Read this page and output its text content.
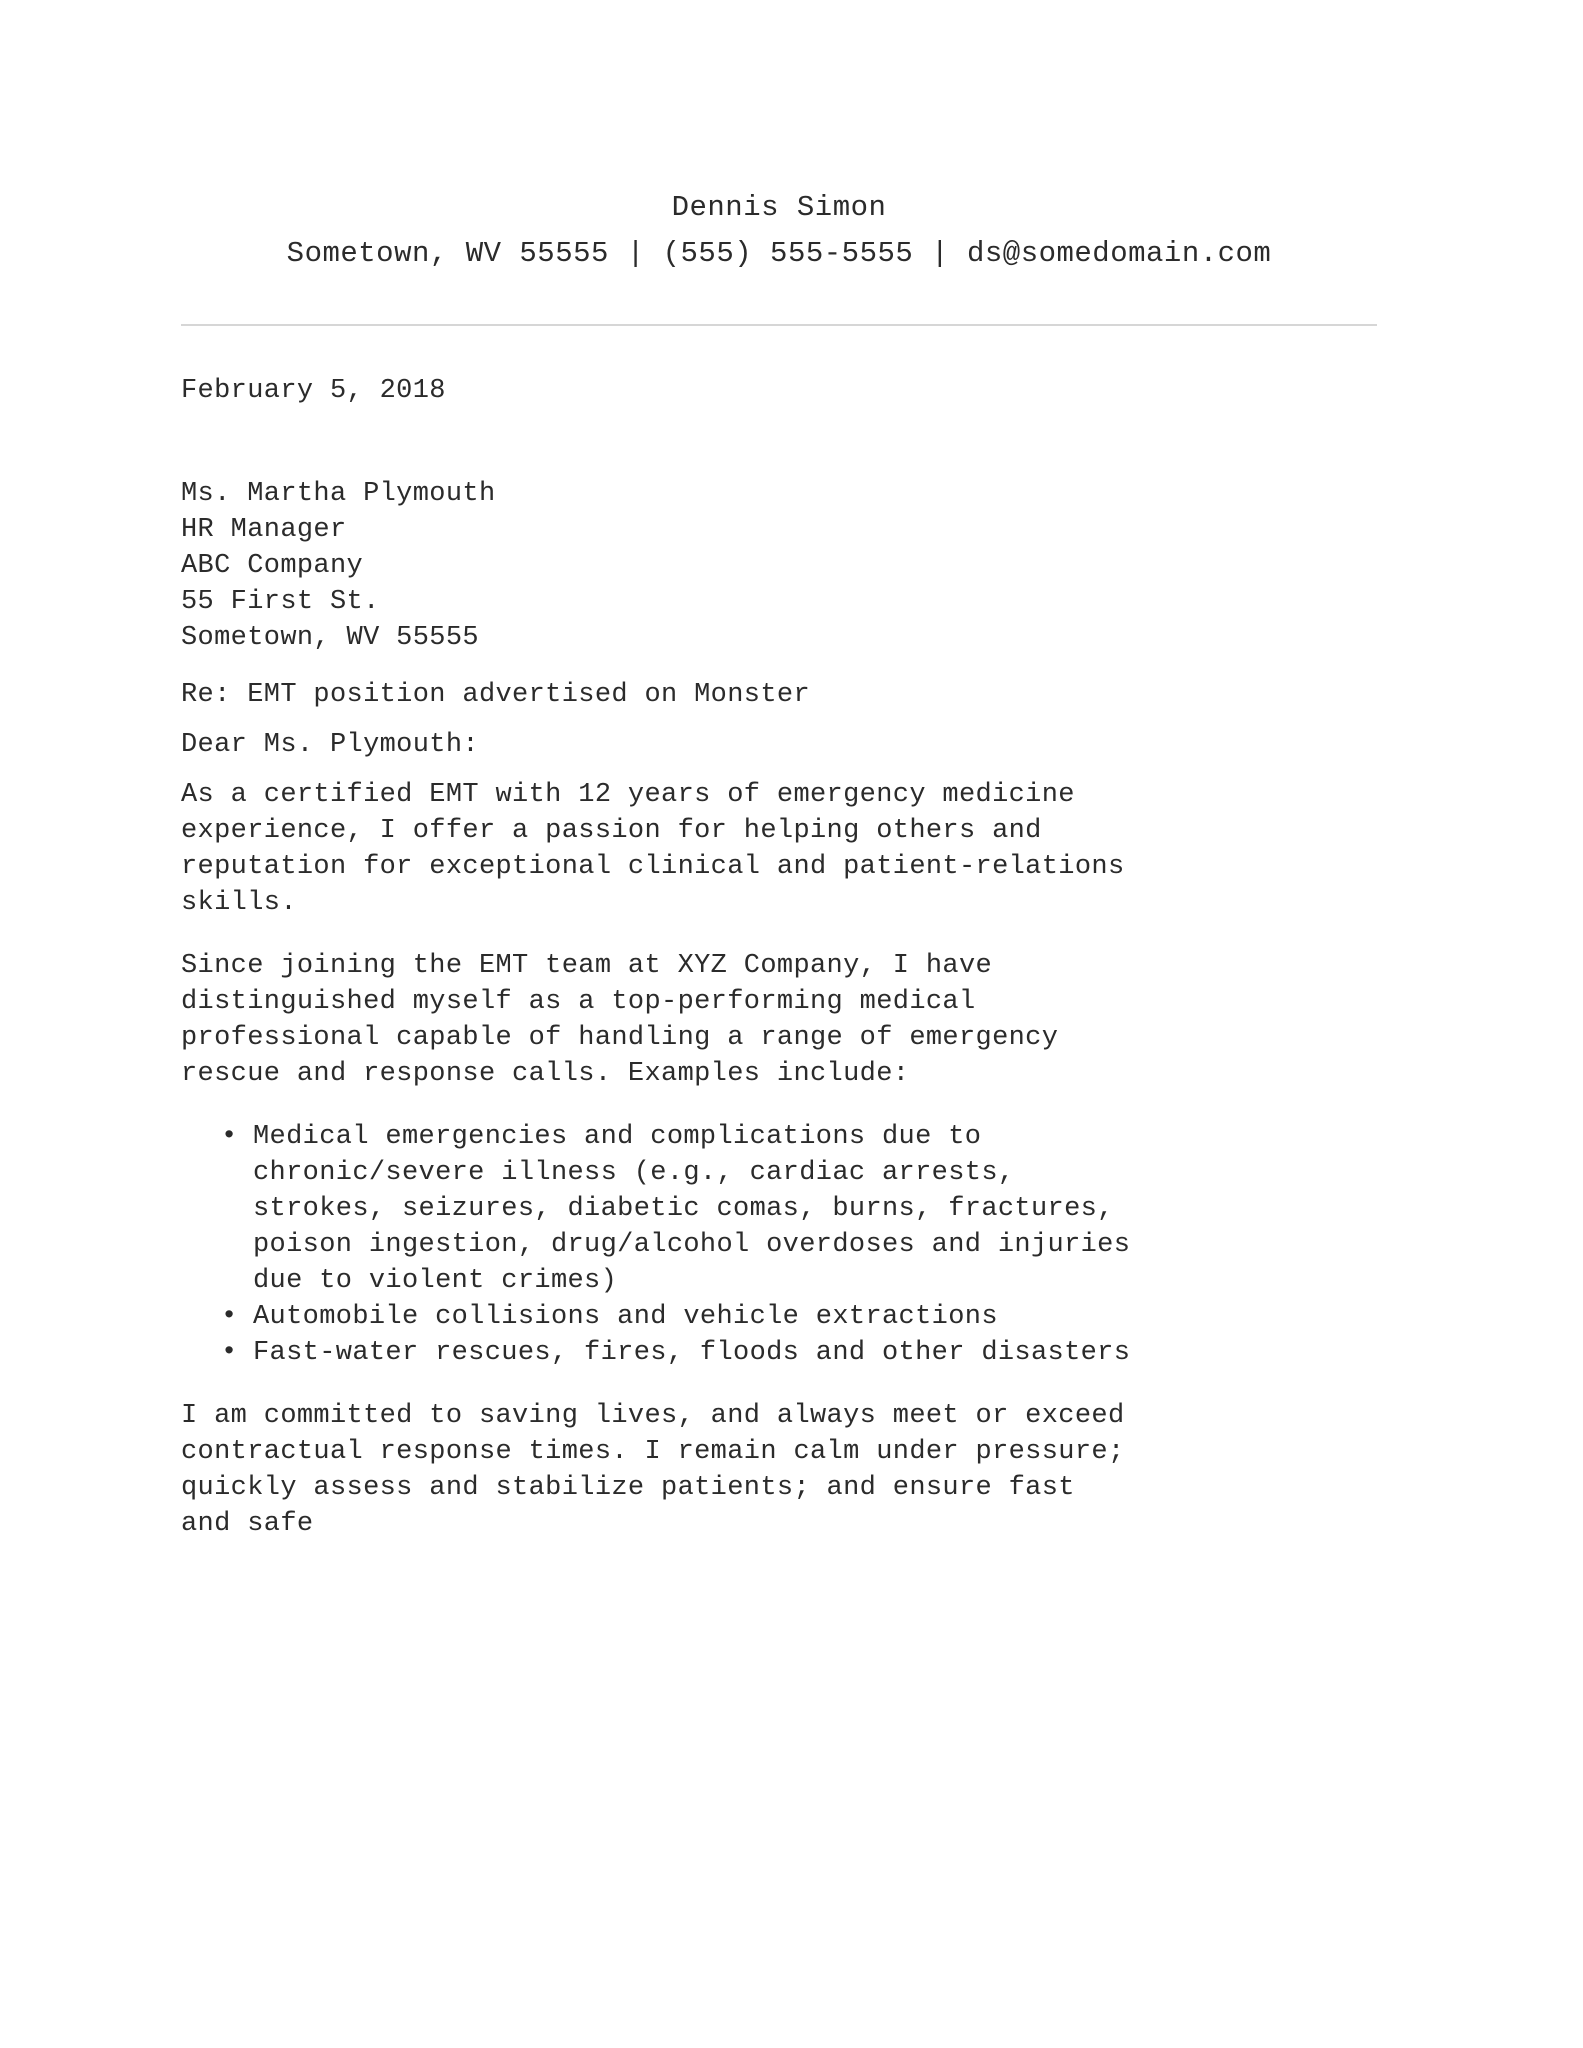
Dennis Simon
Sometown, WV 55555 | (555) 555-5555 | ds@somedomain.com
February 5, 2018
Ms. Martha Plymouth
HR Manager
ABC Company
55 First St.
Sometown, WV 55555
Re: EMT position advertised on Monster
Dear Ms. Plymouth:

As a certified EMT with 12 years of emergency medicine experience, I offer a passion for helping others and reputation for exceptional clinical and patient-relations skills.

Since joining the EMT team at XYZ Company, I have distinguished myself as a top-performing medical professional capable of handling a range of emergency rescue and response calls. Examples include:

• Medical emergencies and complications due to chronic/severe illness (e.g., cardiac arrests, strokes, seizures, diabetic comas, burns, fractures, poison ingestion, drug/alcohol overdoses and injuries due to violent crimes)
• Automobile collisions and vehicle extractions
• Fast-water rescues, fires, floods and other disasters

I am committed to saving lives, and always meet or exceed contractual response times. I remain calm under pressure; quickly assess and stabilize patients; and ensure fast and safe
